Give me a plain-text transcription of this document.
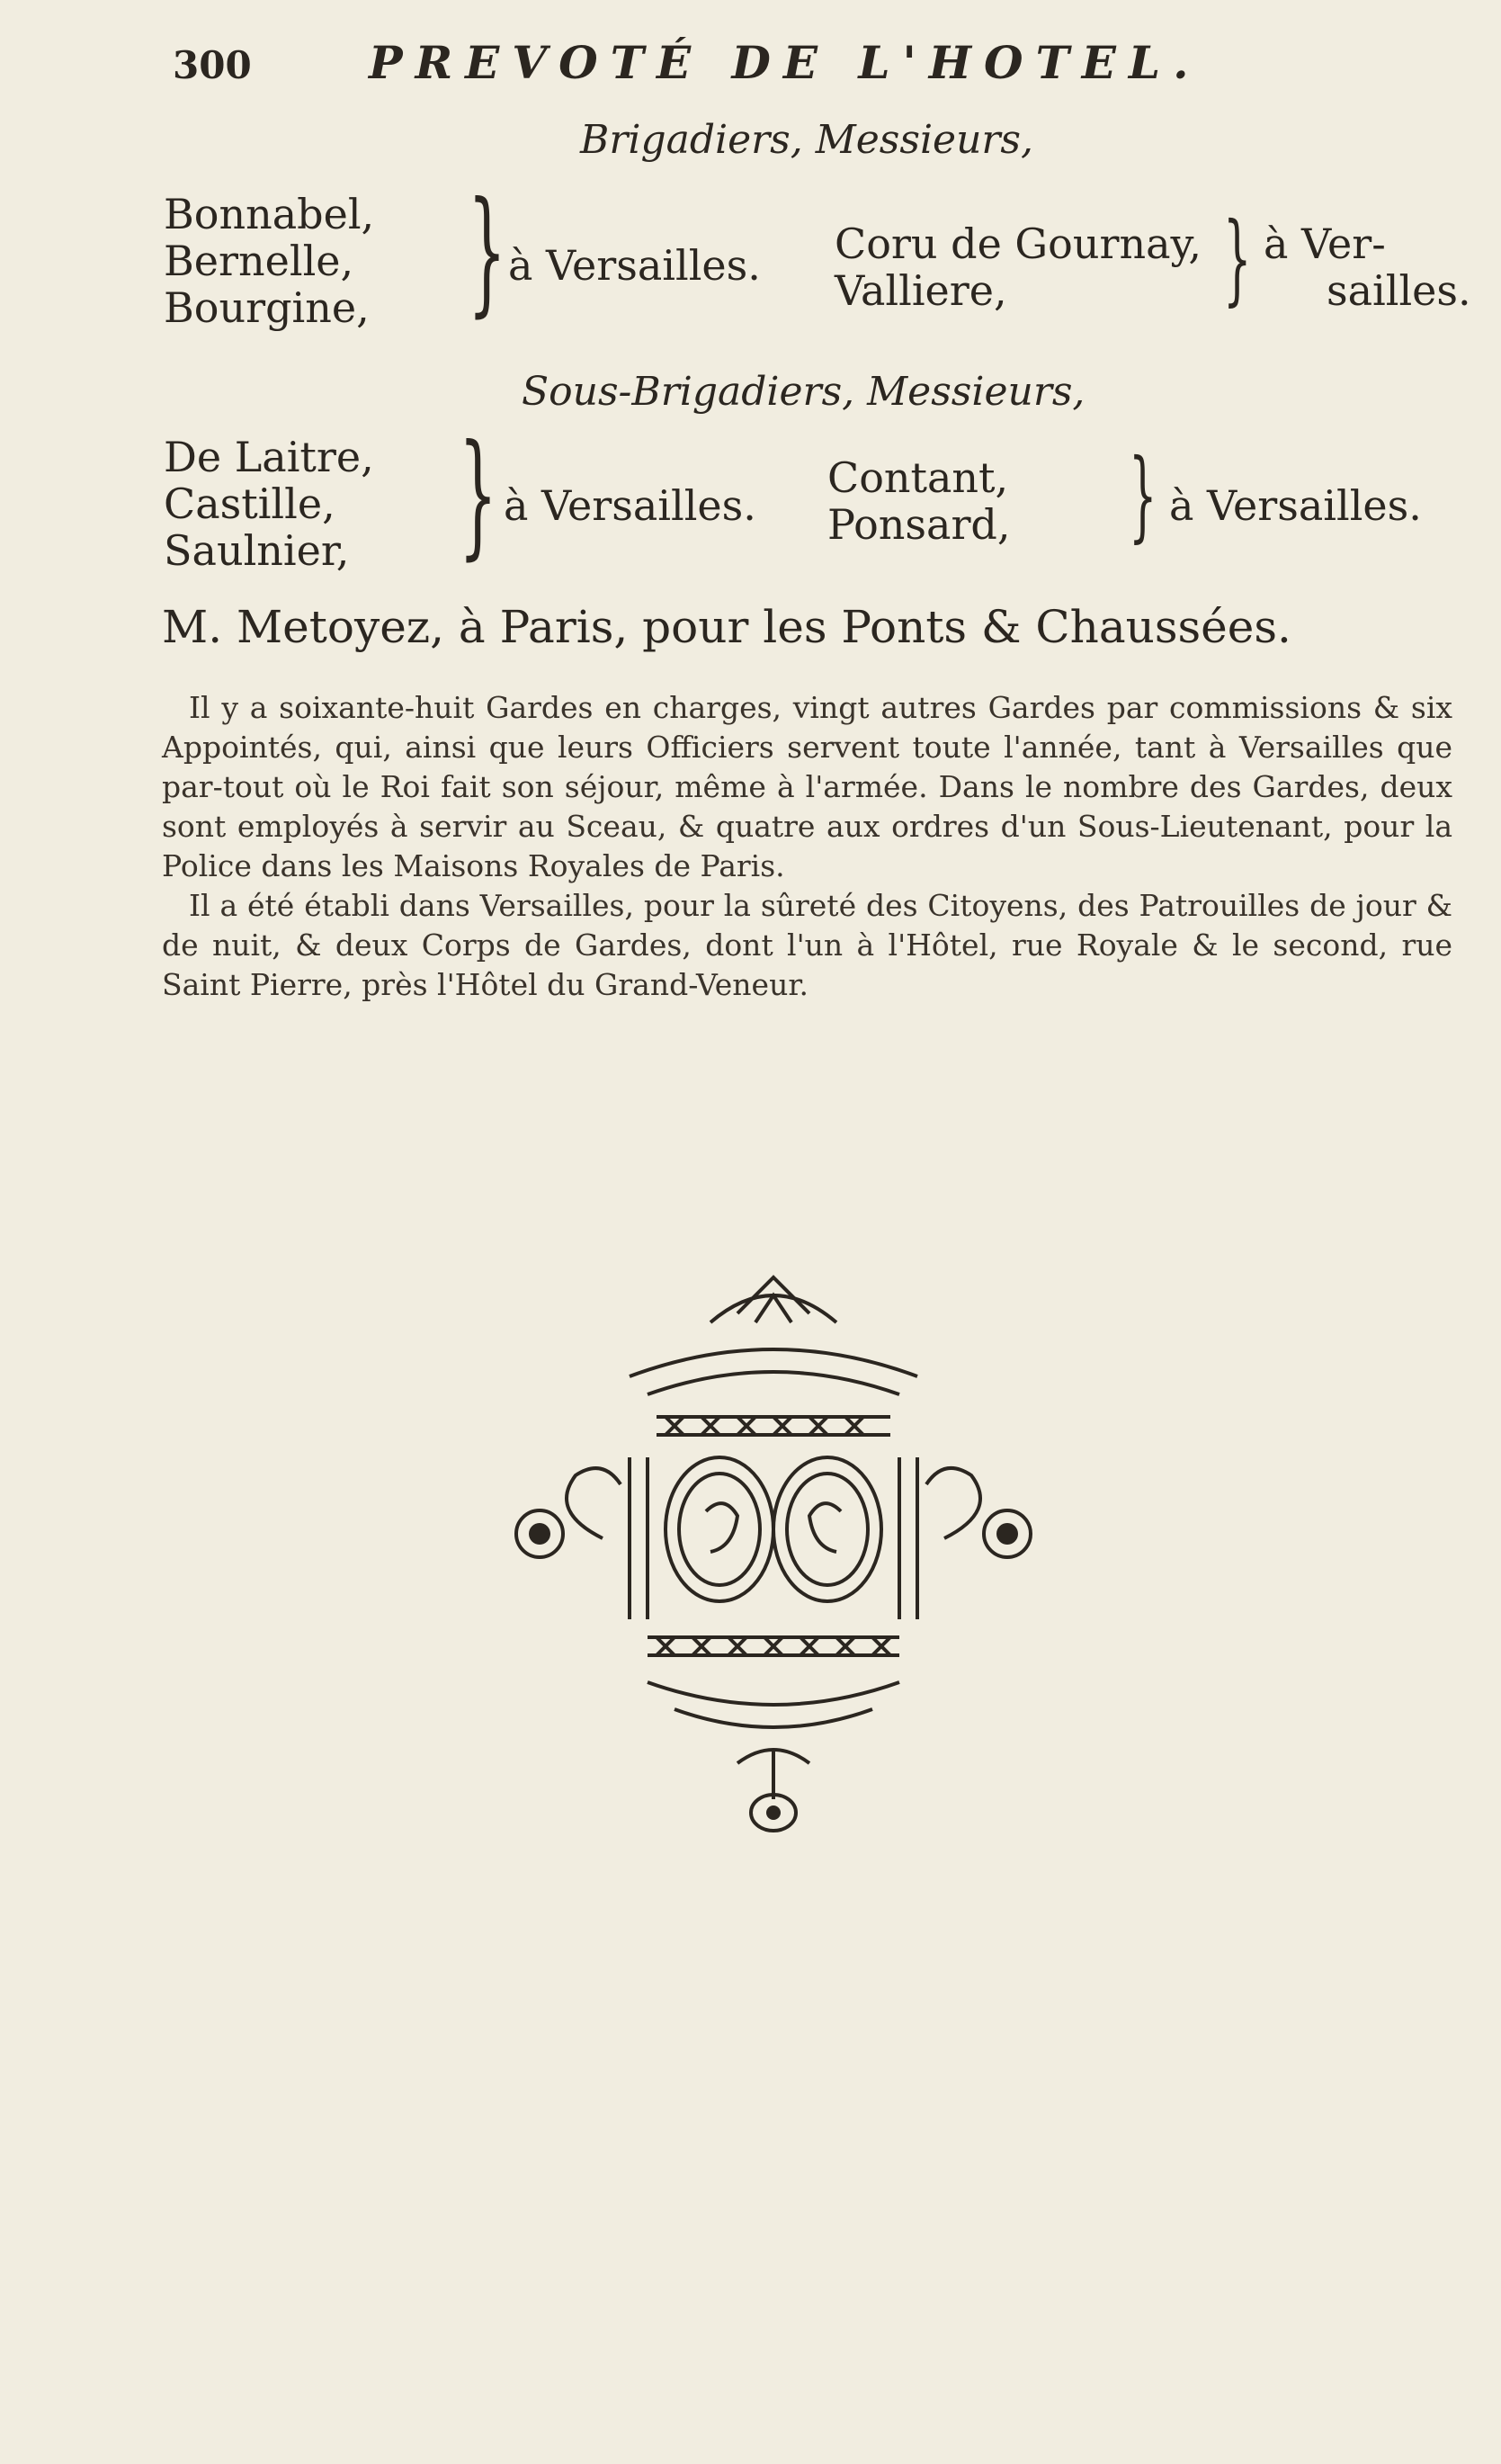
300	PREVOTÉ DE L'HOTEL.
Brigadiers, Messieurs,
Bonnabel,
Bernelle,
Bourgine, } à Versailles. Coru de Gournay,
Valliere,	} à Ver-
sailles.
Sous-Brigadiers, Messieurs,
De Laitre,
Castille,
Saulnier, } à Versailles.
Contant,
Ponsard, } à Versailles.
M. Metoyez, à Paris, pour les Ponts & Chaussées.
Il y a soixante-huit Gardes en charges, vingt autres Gardes par commissions & six Appointés, qui, ainsi que leurs Officiers servent toute l'année, tant à Versailles que par-tout où le Roi fait son séjour, même à l'armée. Dans le nombre des Gardes, deux sont employés à servir au Sceau, & quatre aux ordres d'un Sous-Lieutenant, pour la Police dans les Maisons Royales de Paris.
Il a été établi dans Versailles, pour la sûreté des Citoyens, des Patrouilles de jour & de nuit, & deux Corps de Gardes, dont l'un à l'Hôtel, rue Royale & le second, rue Saint Pierre, près l'Hôtel du Grand-Veneur.
